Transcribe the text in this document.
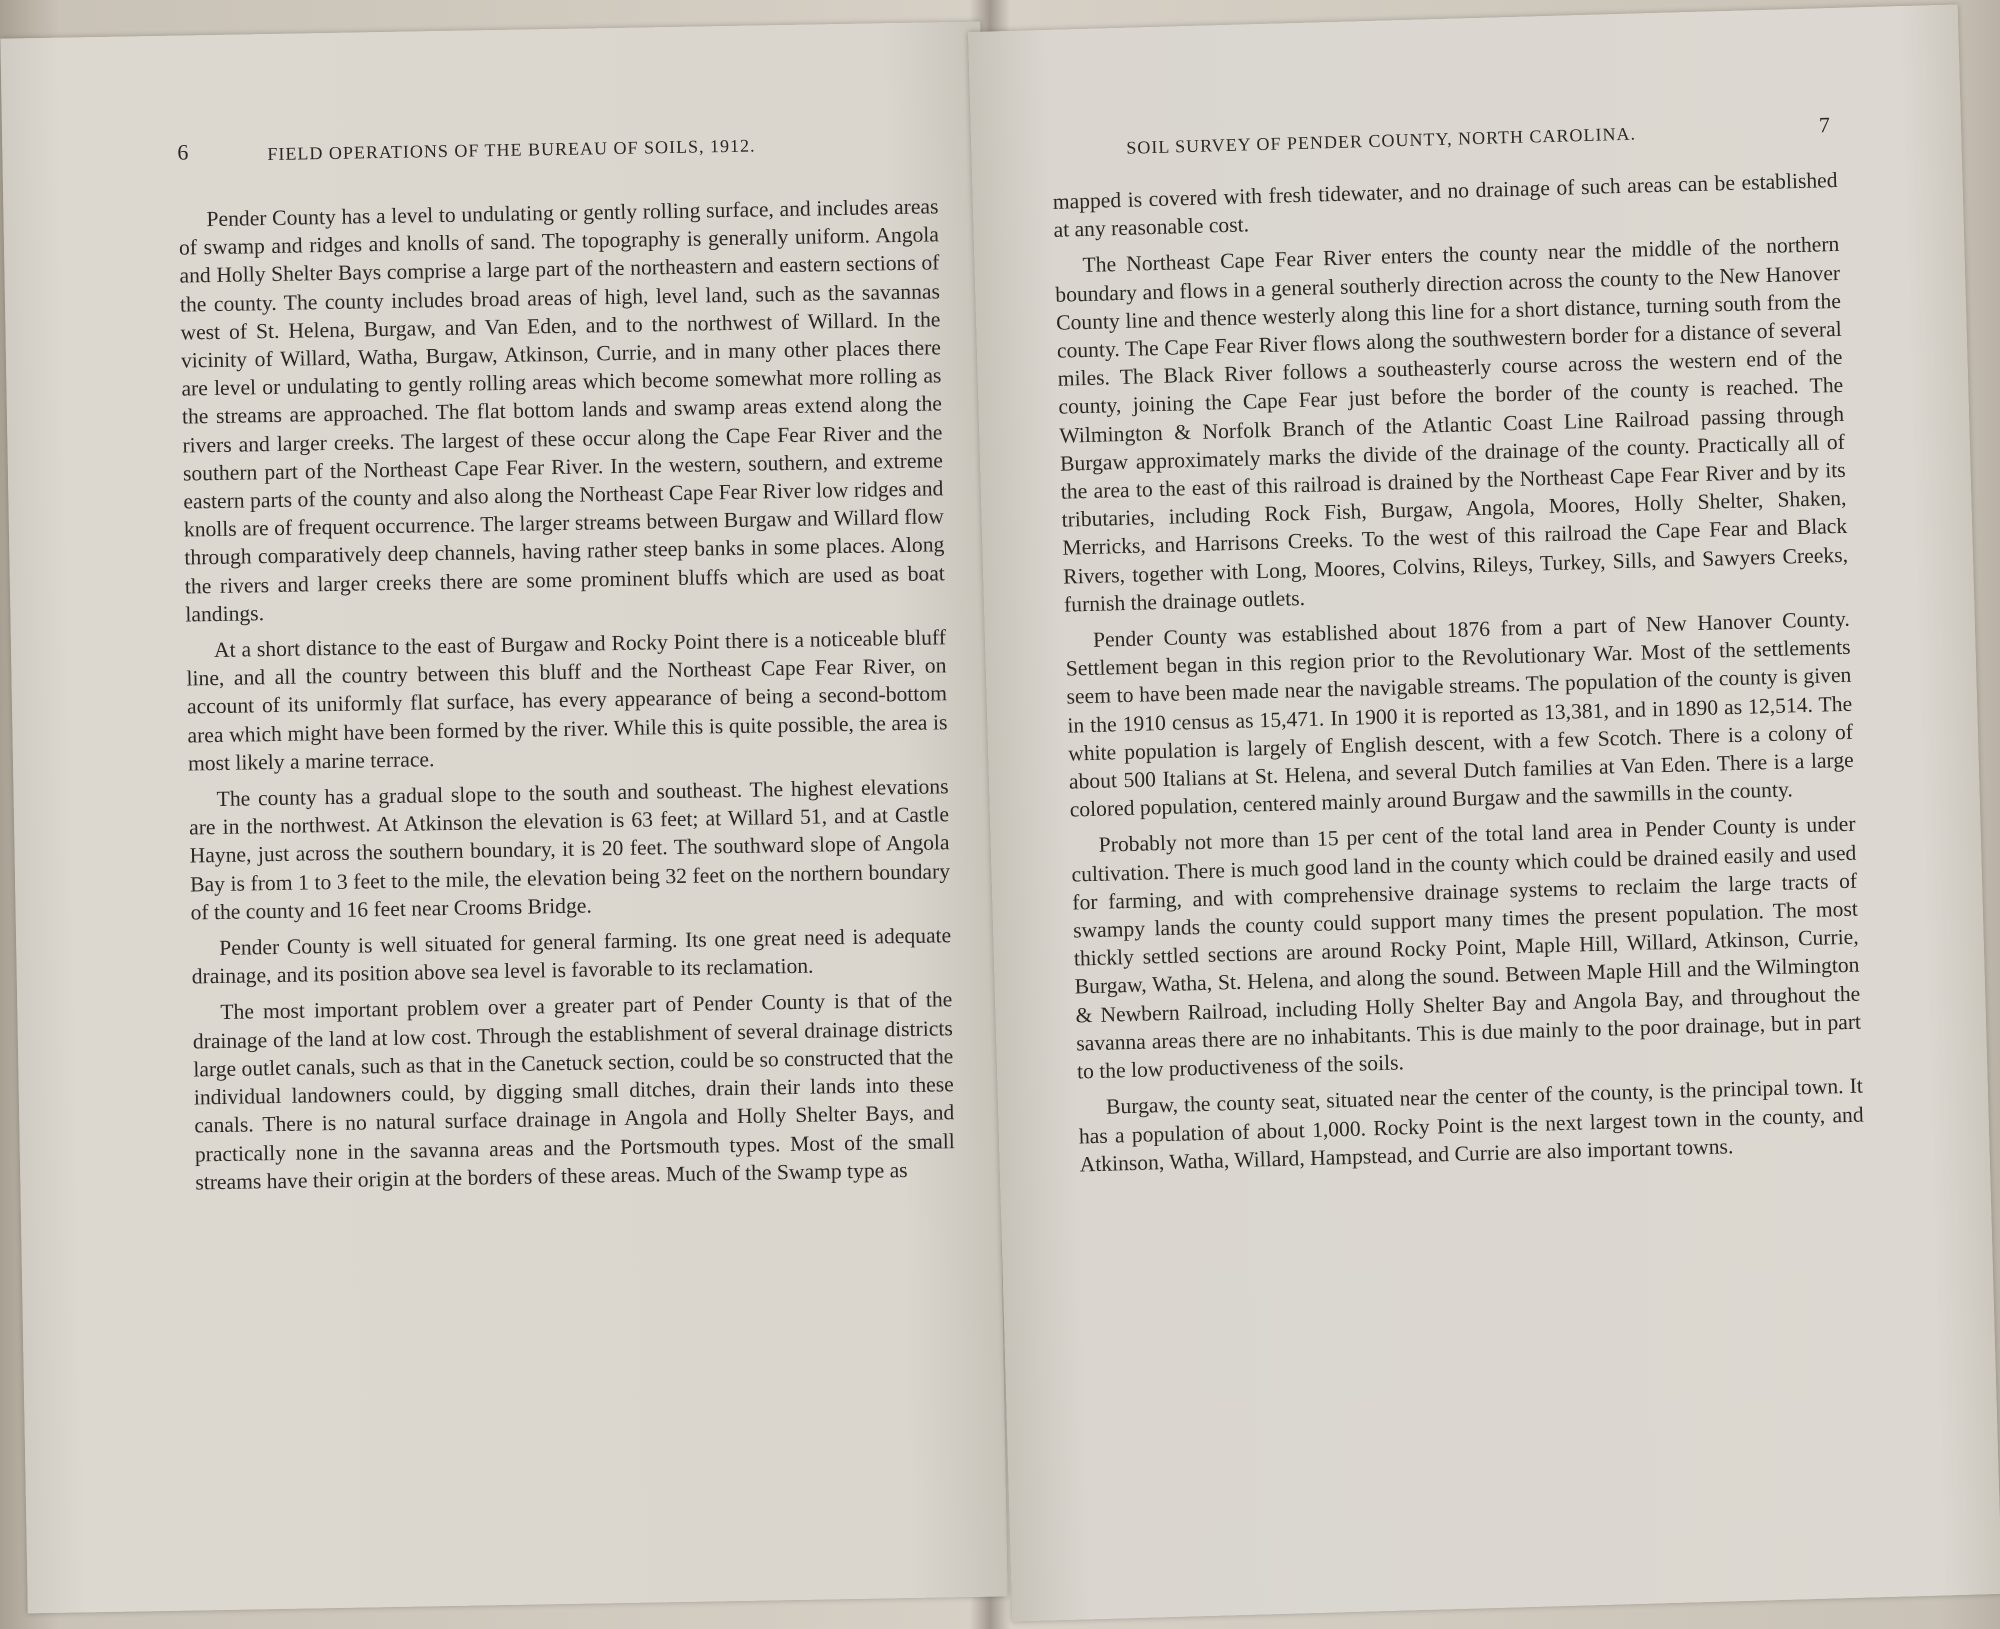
6	FIELD OPERATIONS OF THE BUREAU OF SOILS, 1912.

Pender County has a level to undulating or gently rolling surface, and includes areas of swamp and ridges and knolls of sand. The topography is generally uniform. Angola and Holly Shelter Bays comprise a large part of the northeastern and eastern sections of the county. The county includes broad areas of high, level land, such as the savannas west of St. Helena, Burgaw, and Van Eden, and to the northwest of Willard. In the vicinity of Willard, Watha, Burgaw, Atkinson, Currie, and in many other places there are level or undulating to gently rolling areas which become somewhat more rolling as the streams are approached. The flat bottom lands and swamp areas extend along the rivers and larger creeks. The largest of these occur along the Cape Fear River and the southern part of the Northeast Cape Fear River. In the western, southern, and extreme eastern parts of the county and also along the Northeast Cape Fear River low ridges and knolls are of frequent occurrence. The larger streams between Burgaw and Willard flow through comparatively deep channels, having rather steep banks in some places. Along the rivers and larger creeks there are some prominent bluffs which are used as boat landings.

At a short distance to the east of Burgaw and Rocky Point there is a noticeable bluff line, and all the country between this bluff and the Northeast Cape Fear River, on account of its uniformly flat surface, has every appearance of being a second-bottom area which might have been formed by the river. While this is quite possible, the area is most likely a marine terrace.

The county has a gradual slope to the south and southeast. The highest elevations are in the northwest. At Atkinson the elevation is 63 feet; at Willard 51, and at Castle Hayne, just across the southern boundary, it is 20 feet. The southward slope of Angola Bay is from 1 to 3 feet to the mile, the elevation being 32 feet on the northern boundary of the county and 16 feet near Crooms Bridge.

Pender County is well situated for general farming. Its one great need is adequate drainage, and its position above sea level is favorable to its reclamation.

The most important problem over a greater part of Pender County is that of the drainage of the land at low cost. Through the establishment of several drainage districts large outlet canals, such as that in the Canetuck section, could be so constructed that the individual landowners could, by digging small ditches, drain their lands into these canals. There is no natural surface drainage in Angola and Holly Shelter Bays, and practically none in the savanna areas and the Portsmouth types. Most of the small streams have their origin at the borders of these areas. Much of the Swamp type as

SOIL SURVEY OF PENDER COUNTY, NORTH CAROLINA.	7

mapped is covered with fresh tidewater, and no drainage of such areas can be established at any reasonable cost.

The Northeast Cape Fear River enters the county near the middle of the northern boundary and flows in a general southerly direction across the county to the New Hanover County line and thence westerly along this line for a short distance, turning south from the county. The Cape Fear River flows along the southwestern border for a distance of several miles. The Black River follows a southeasterly course across the western end of the county, joining the Cape Fear just before the border of the county is reached. The Wilmington & Norfolk Branch of the Atlantic Coast Line Railroad passing through Burgaw approximately marks the divide of the drainage of the county. Practically all of the area to the east of this railroad is drained by the Northeast Cape Fear River and by its tributaries, including Rock Fish, Burgaw, Angola, Moores, Holly Shelter, Shaken, Merricks, and Harrisons Creeks. To the west of this railroad the Cape Fear and Black Rivers, together with Long, Moores, Colvins, Rileys, Turkey, Sills, and Sawyers Creeks, furnish the drainage outlets.

Pender County was established about 1876 from a part of New Hanover County. Settlement began in this region prior to the Revolutionary War. Most of the settlements seem to have been made near the navigable streams. The population of the county is given in the 1910 census as 15,471. In 1900 it is reported as 13,381, and in 1890 as 12,514. The white population is largely of English descent, with a few Scotch. There is a colony of about 500 Italians at St. Helena, and several Dutch families at Van Eden. There is a large colored population, centered mainly around Burgaw and the sawmills in the county.

Probably not more than 15 per cent of the total land area in Pender County is under cultivation. There is much good land in the county which could be drained easily and used for farming, and with comprehensive drainage systems to reclaim the large tracts of swampy lands the county could support many times the present population. The most thickly settled sections are around Rocky Point, Maple Hill, Willard, Atkinson, Currie, Burgaw, Watha, St. Helena, and along the sound. Between Maple Hill and the Wilmington & Newbern Railroad, including Holly Shelter Bay and Angola Bay, and throughout the savanna areas there are no inhabitants. This is due mainly to the poor drainage, but in part to the low productiveness of the soils.

Burgaw, the county seat, situated near the center of the county, is the principal town. It has a population of about 1,000. Rocky Point is the next largest town in the county, and Atkinson, Watha, Willard, Hampstead, and Currie are also important towns.
